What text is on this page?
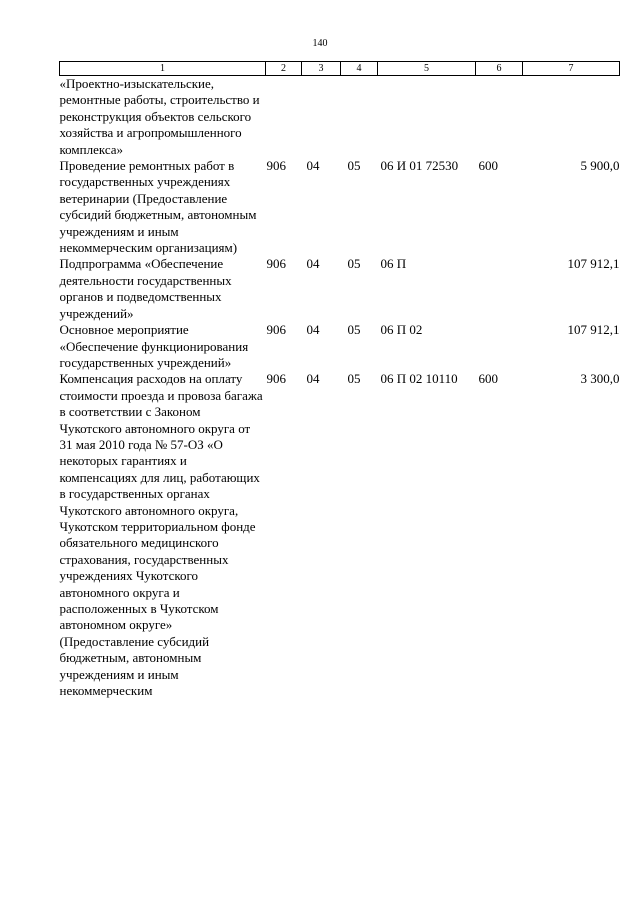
140
1	2	3	4	5	6	7
«Проектно-изыскательские, ремонтные работы, строительство и реконструкция объектов сельского хозяйства и агропромышленного комплекса»						
Проведение ремонтных работ в государственных учреждениях ветеринарии (Предоставление субсидий бюджетным, автономным учреждениям и иным некоммерческим организациям)	906	04	05	06 И 01 72530	600	5 900,0
Подпрограмма «Обеспечение деятельности государственных органов и подведомственных учреждений»	906	04	05	06 П		107 912,1
Основное мероприятие «Обеспечение функционирования государственных учреждений»	906	04	05	06 П 02		107 912,1
Компенсация расходов на оплату стоимости проезда и провоза багажа в соответствии с Законом Чукотского автономного округа от 31 мая 2010 года № 57-ОЗ «О некоторых гарантиях и компенсациях для лиц, работающих в государственных органах Чукотского автономного округа, Чукотском территориальном фонде обязательного медицинского страхования, государственных учреждениях Чукотского автономного округа и расположенных в Чукотском автономном округе» (Предоставление субсидий бюджетным, автономным учреждениям и иным некоммерческим	906	04	05	06 П 02 10110	600	3 300,0
